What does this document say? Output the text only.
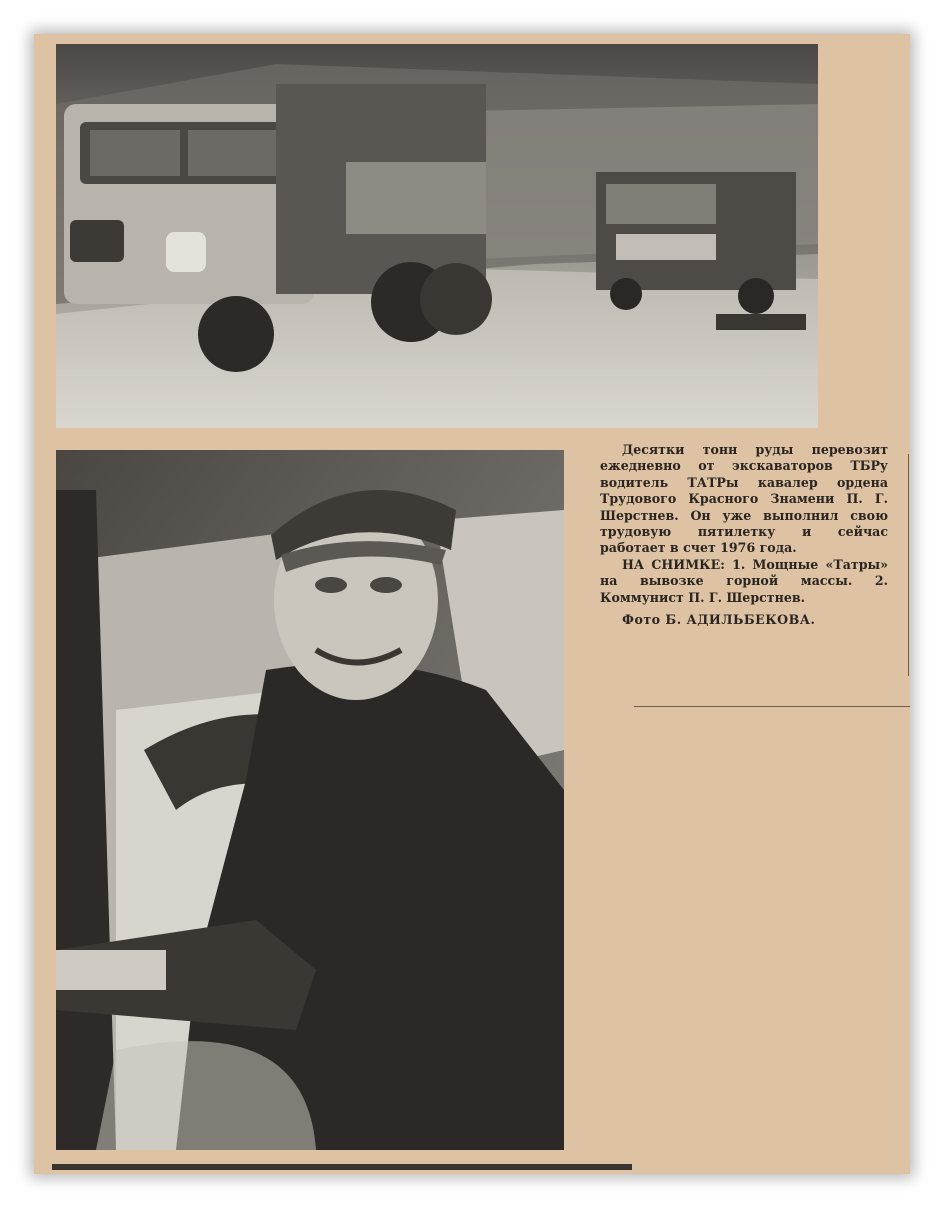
Десятки тонн руды перевозит ежедневно от экскаваторов ТБРу водитель ТАТРы кавалер ордена Трудового Красного Знамени П. Г. Шерстнев. Он уже выполнил свою трудовую пятилетку и сейчас работает в счет 1976 года.

НА СНИМКЕ: 1. Мощные «Татры» на вывозке горной массы. 2. Коммунист П. Г. Шерстнев.

Фото Б. АДИЛЬБЕКОВА.
